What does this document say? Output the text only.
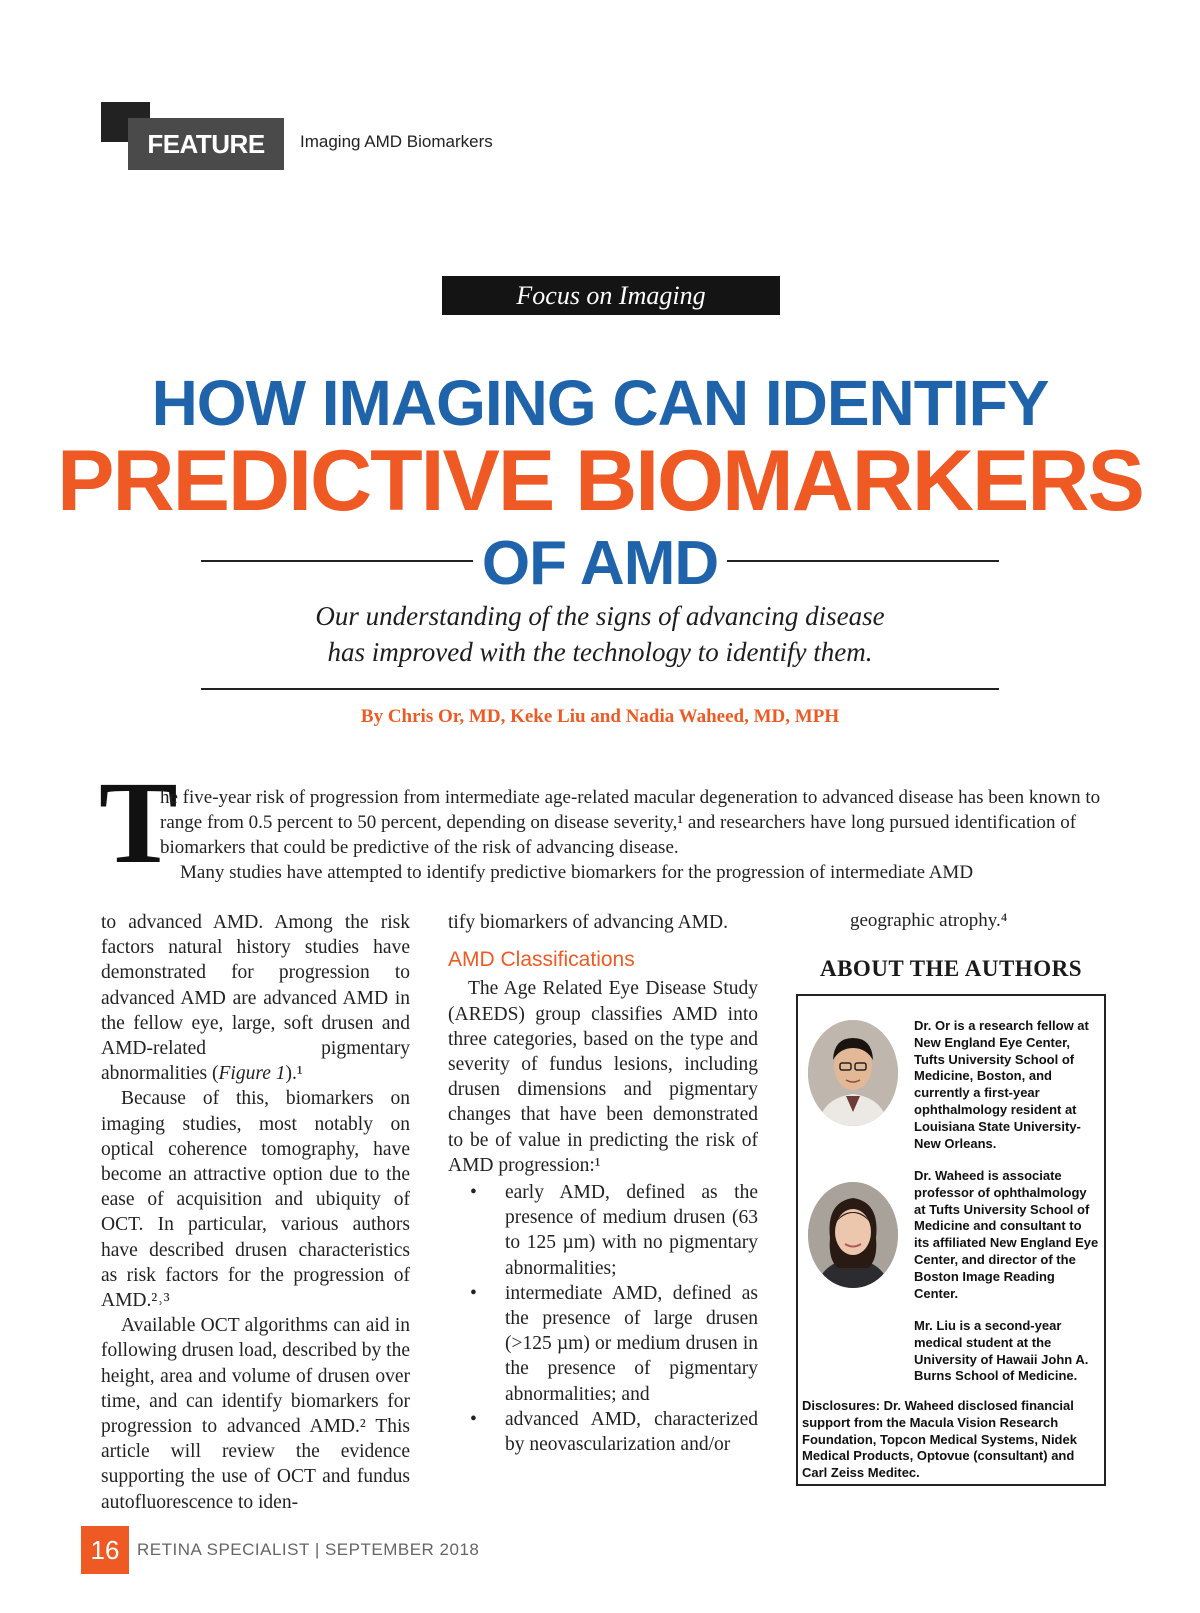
FEATURE	Imaging AMD Biomarkers
Focus on Imaging
HOW IMAGING CAN IDENTIFY
PREDICTIVE BIOMARKERS
OF AMD
Our understanding of the signs of advancing disease
has improved with the technology to identify them.
By Chris Or, MD, Keke Liu and Nadia Waheed, MD, MPH
T

he five-year risk of progression from intermediate age-related macular degeneration to advanced disease has been known to range from 0.5 percent to 50 percent, depending on disease severity,¹ and researchers have long pursued identification of biomarkers that could be predictive of the risk of advancing disease.

Many studies have attempted to identify predictive biomarkers for the progression of intermediate AMD

to advanced AMD. Among the risk factors natural history studies have demonstrated for progression to advanced AMD are advanced AMD in the fellow eye, large, soft drusen and AMD-related pigmentary abnormalities (Figure 1).¹

Because of this, biomarkers on imaging studies, most notably on optical coherence tomography, have become an attractive option due to the ease of acquisition and ubiquity of OCT. In particular, various authors have described drusen characteristics as risk factors for the progression of AMD.²˒³

Available OCT algorithms can aid in following drusen load, described by the height, area and volume of drusen over time, and can identify biomarkers for progression to advanced AMD.² This article will review the evidence supporting the use of OCT and fundus autofluorescence to iden-

tify biomarkers of advancing AMD.

AMD Classifications

The Age Related Eye Disease Study (AREDS) group classifies AMD into three categories, based on the type and severity of fundus lesions, including drusen dimensions and pigmentary changes that have been demonstrated to be of value in predicting the risk of AMD progression:¹

• early AMD, defined as the presence of medium drusen (63 to 125 µm) with no pigmentary abnormalities;
• intermediate AMD, defined as the presence of large drusen (>125 µm) or medium drusen in the presence of pigmentary abnormalities; and
• advanced AMD, characterized by neovascularization and/or
geographic atrophy.⁴
ABOUT THE AUTHORS
Dr. Or is a research fellow at New England Eye Center, Tufts University School of Medicine, Boston, and currently a first-year ophthalmology resident at Louisiana State University-New Orleans.
Dr. Waheed is associate professor of ophthalmology at Tufts University School of Medicine and consultant to its affiliated New England Eye Center, and director of the Boston Image Reading Center.
Mr. Liu is a second-year medical student at the University of Hawaii John A. Burns School of Medicine.
Disclosures: Dr. Waheed disclosed financial support from the Macula Vision Research Foundation, Topcon Medical Systems, Nidek Medical Products, Optovue (consultant) and Carl Zeiss Meditec.
16	RETINA SPECIALIST | SEPTEMBER 2018
